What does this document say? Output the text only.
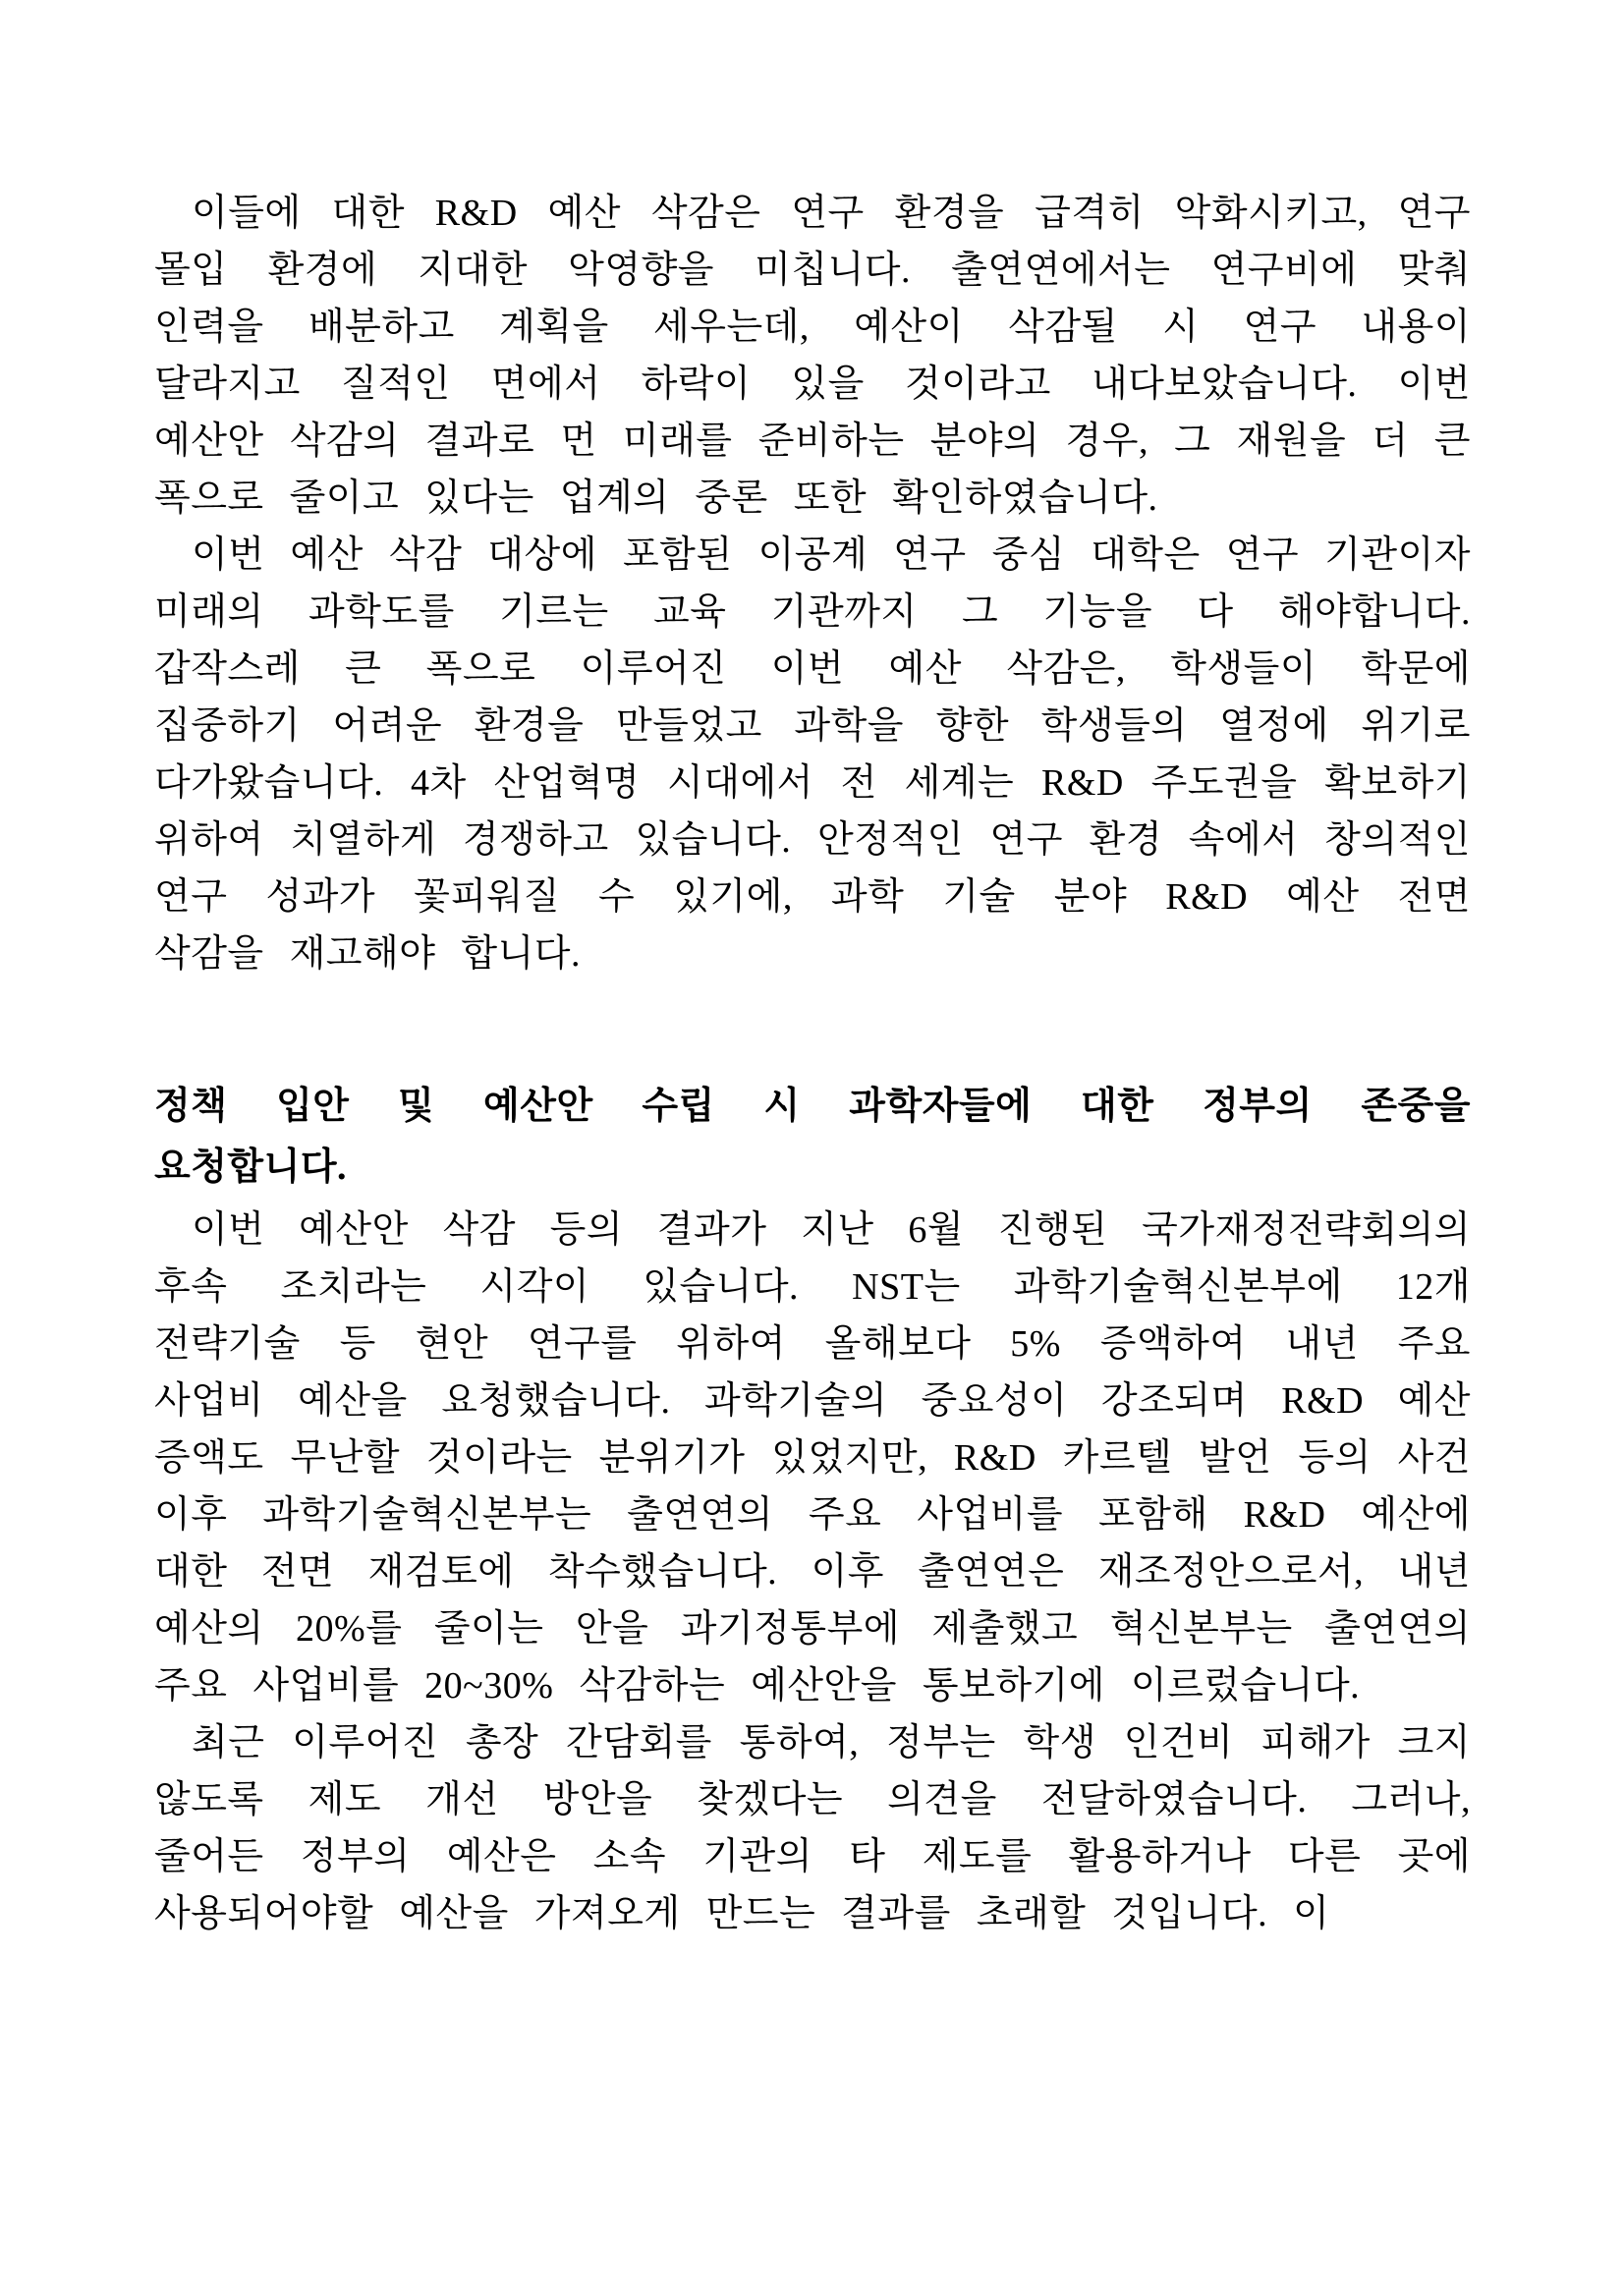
이들에 대한 R&D 예산 삭감은 연구 환경을 급격히 악화시키고, 연구 몰입 환경에 지대한 악영향을 미칩니다. 출연연에서는 연구비에 맞춰 인력을 배분하고 계획을 세우는데, 예산이 삭감될 시 연구 내용이 달라지고 질적인 면에서 하락이 있을 것이라고 내다보았습니다. 이번 예산안 삭감의 결과로 먼 미래를 준비하는 분야의 경우, 그 재원을 더 큰 폭으로 줄이고 있다는 업계의 중론 또한 확인하였습니다.

이번 예산 삭감 대상에 포함된 이공계 연구 중심 대학은 연구 기관이자 미래의 과학도를 기르는 교육 기관까지 그 기능을 다 해야합니다. 갑작스레 큰 폭으로 이루어진 이번 예산 삭감은, 학생들이 학문에 집중하기 어려운 환경을 만들었고 과학을 향한 학생들의 열정에 위기로 다가왔습니다. 4차 산업혁명 시대에서 전 세계는 R&D 주도권을 확보하기 위하여 치열하게 경쟁하고 있습니다. 안정적인 연구 환경 속에서 창의적인 연구 성과가 꽃피워질 수 있기에, 과학 기술 분야 R&D 예산 전면 삭감을 재고해야 합니다.

정책 입안 및 예산안 수립 시 과학자들에 대한 정부의 존중을 요청합니다.

이번 예산안 삭감 등의 결과가 지난 6월 진행된 국가재정전략회의의 후속 조치라는 시각이 있습니다. NST는 과학기술혁신본부에 12개 전략기술 등 현안 연구를 위하여 올해보다 5% 증액하여 내년 주요 사업비 예산을 요청했습니다. 과학기술의 중요성이 강조되며 R&D 예산 증액도 무난할 것이라는 분위기가 있었지만, R&D 카르텔 발언 등의 사건 이후 과학기술혁신본부는 출연연의 주요 사업비를 포함해 R&D 예산에 대한 전면 재검토에 착수했습니다. 이후 출연연은 재조정안으로서, 내년 예산의 20%를 줄이는 안을 과기정통부에 제출했고 혁신본부는 출연연의 주요 사업비를 20~30% 삭감하는 예산안을 통보하기에 이르렀습니다.

최근 이루어진 총장 간담회를 통하여, 정부는 학생 인건비 피해가 크지 않도록 제도 개선 방안을 찾겠다는 의견을 전달하였습니다. 그러나, 줄어든 정부의 예산은 소속 기관의 타 제도를 활용하거나 다른 곳에 사용되어야할 예산을 가져오게 만드는 결과를 초래할 것입니다. 이
